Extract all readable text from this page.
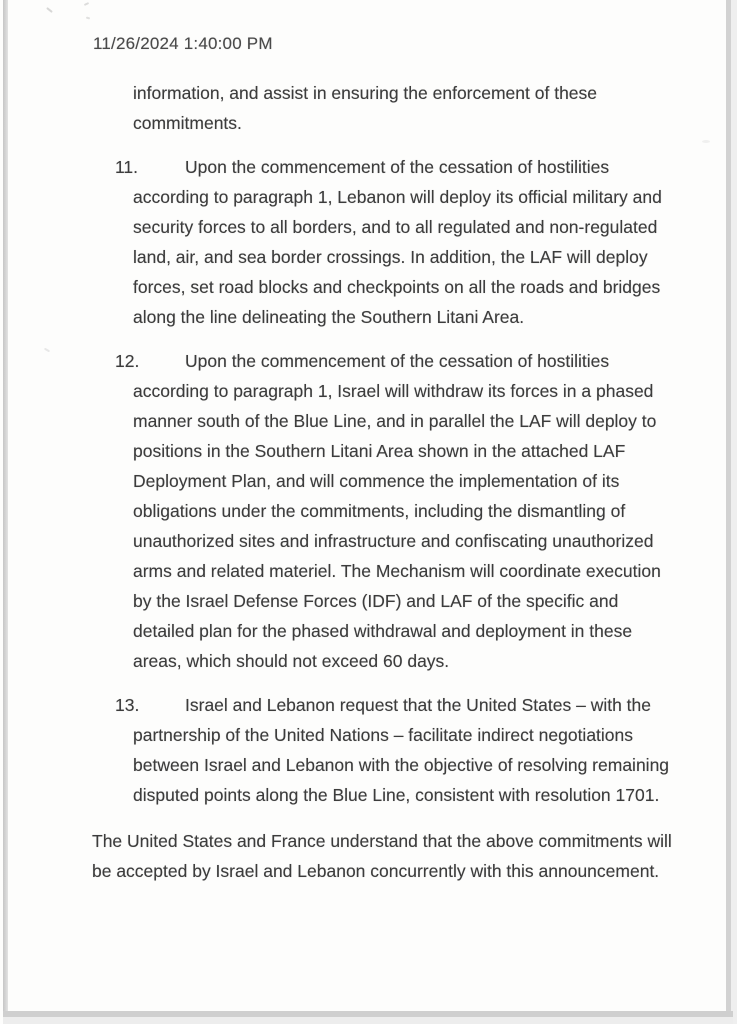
11/26/2024 1:40:00 PM

information, and assist in ensuring the enforcement of these commitments.

11.	Upon the commencement of the cessation of hostilities according to paragraph 1, Lebanon will deploy its official military and security forces to all borders, and to all regulated and non-regulated land, air, and sea border crossings. In addition, the LAF will deploy forces, set road blocks and checkpoints on all the roads and bridges along the line delineating the Southern Litani Area.

12.	Upon the commencement of the cessation of hostilities according to paragraph 1, Israel will withdraw its forces in a phased manner south of the Blue Line, and in parallel the LAF will deploy to positions in the Southern Litani Area shown in the attached LAF Deployment Plan, and will commence the implementation of its obligations under the commitments, including the dismantling of unauthorized sites and infrastructure and confiscating unauthorized arms and related materiel. The Mechanism will coordinate execution by the Israel Defense Forces (IDF) and LAF of the specific and detailed plan for the phased withdrawal and deployment in these areas, which should not exceed 60 days.

13.	Israel and Lebanon request that the United States – with the partnership of the United Nations – facilitate indirect negotiations between Israel and Lebanon with the objective of resolving remaining disputed points along the Blue Line, consistent with resolution 1701.

The United States and France understand that the above commitments will be accepted by Israel and Lebanon concurrently with this announcement.
